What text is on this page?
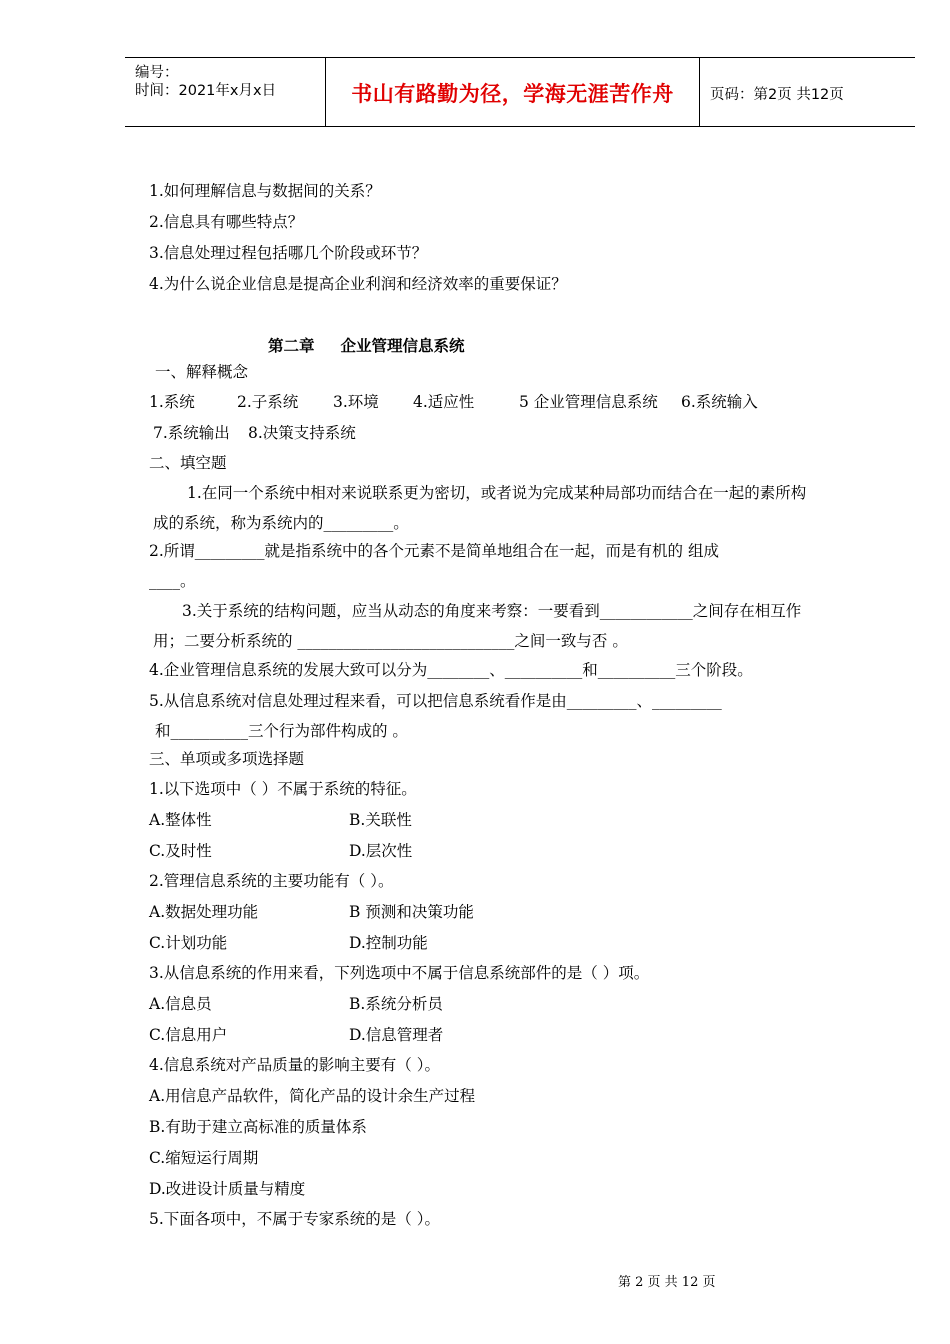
编号：
时间：2021年x月x日	书山有路勤为径，学海无涯苦作舟	页码：第2页 共12页
1.如何理解信息与数据间的关系？
2.信息具有哪些特点？
3.信息处理过程包括哪几个阶段或环节？
4.为什么说企业信息是提高企业利润和经济效率的重要保证？
第二章 企业管理信息系统
一、解释概念
1.系统	2.子系统 3.环境 4.适应性	5 企业管理信息系统 6.系统输入
7.系统输出 8.决策支持系统
二、填空题
1.在同一个系统中相对来说联系更为密切，或者说为完成某种局部功而结合在一起的素所构
成的系统，称为系统内的_________。
2.所谓_________就是指系统中的各个元素不是简单地组合在一起，而是有机的 组成
____。
3.关于系统的结构问题，应当从动态的角度来考察：一要看到____________之间存在相互作
用；二要分析系统的 ____________________________之间一致与否 。
4.企业管理信息系统的发展大致可以分为________、__________和__________三个阶段。
5.从信息系统对信息处理过程来看，可以把信息系统看作是由_________、_________
和__________三个行为部件构成的 。
三、单项或多项选择题
1.以下选项中（ ）不属于系统的特征。
A.整体性	B.关联性
C.及时性	D.层次性
2.管理信息系统的主要功能有（ ）。
A.数据处理功能	B 预测和决策功能
C.计划功能	D.控制功能
3.从信息系统的作用来看，下列选项中不属于信息系统部件的是（ ）项。
A.信息员	B.系统分析员
C.信息用户	D.信息管理者
4.信息系统对产品质量的影响主要有（ ）。
A.用信息产品软件，简化产品的设计余生产过程
B.有助于建立高标准的质量体系
C.缩短运行周期
D.改进设计质量与精度
5.下面各项中，不属于专家系统的是（ ）。
第 2 页 共 12 页
